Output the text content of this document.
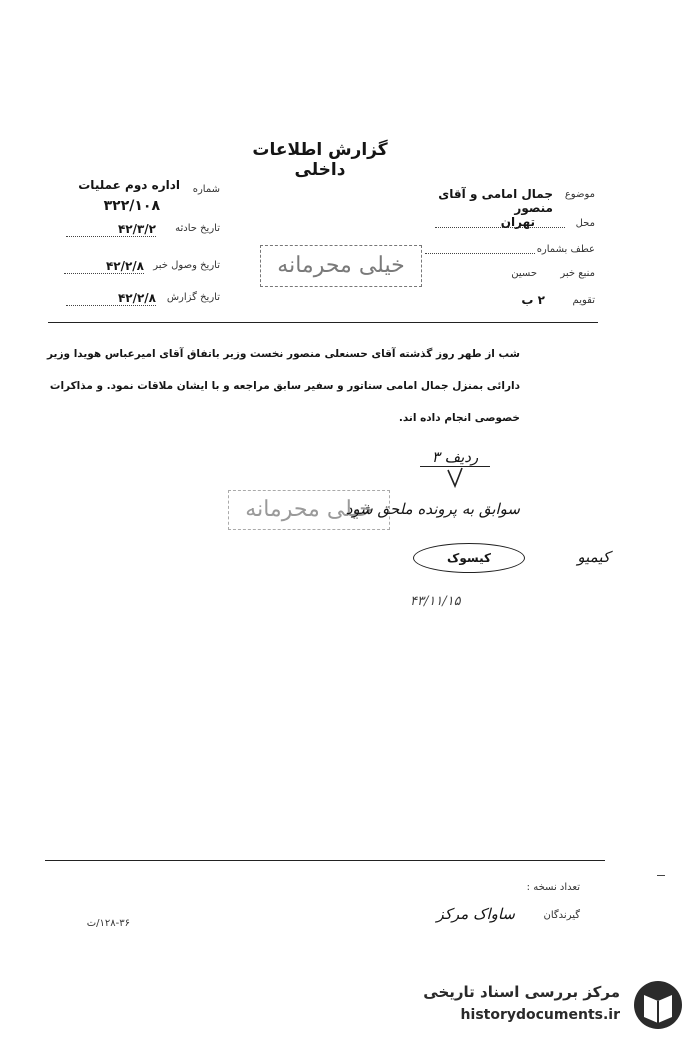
گزارش اطلاعات داخلی
شماره
اداره دوم عملیات
۳۲۲/۱۰۸
تاریخ حادثه
۴۲/۳/۲
تاریخ وصول خبر
۴۲/۲/۸
تاریخ گزارش
۴۲/۲/۸
موضوع
جمال امامی و آقای منصور
محل
تهران
عطف بشماره
منبع خبر
حسین
تقویم
۲ ب
خیلی محرمانه
شب از طهر روز گذشته آقای حسنعلی منصور نخست وزیر باتفاق آقای امیرعباس هویدا وزیر
دارائی بمنزل جمال امامی سناتور و سفیر سابق مراجعه و با ایشان ملاقات نمود. و مذاکرات
خصوصی انجام داده اند.
ردیف ۳
خیلی محرمانه
سوابق به پرونده ملحق شود
کیسوک	کیمیو
۴۳/۱۱/۱۵
تعداد نسخه :
گیرندگان
ساواک مرکز
۱۲۸-۳۶/ت
مرکز بررسی اسناد تاریخی
historydocuments.ir
